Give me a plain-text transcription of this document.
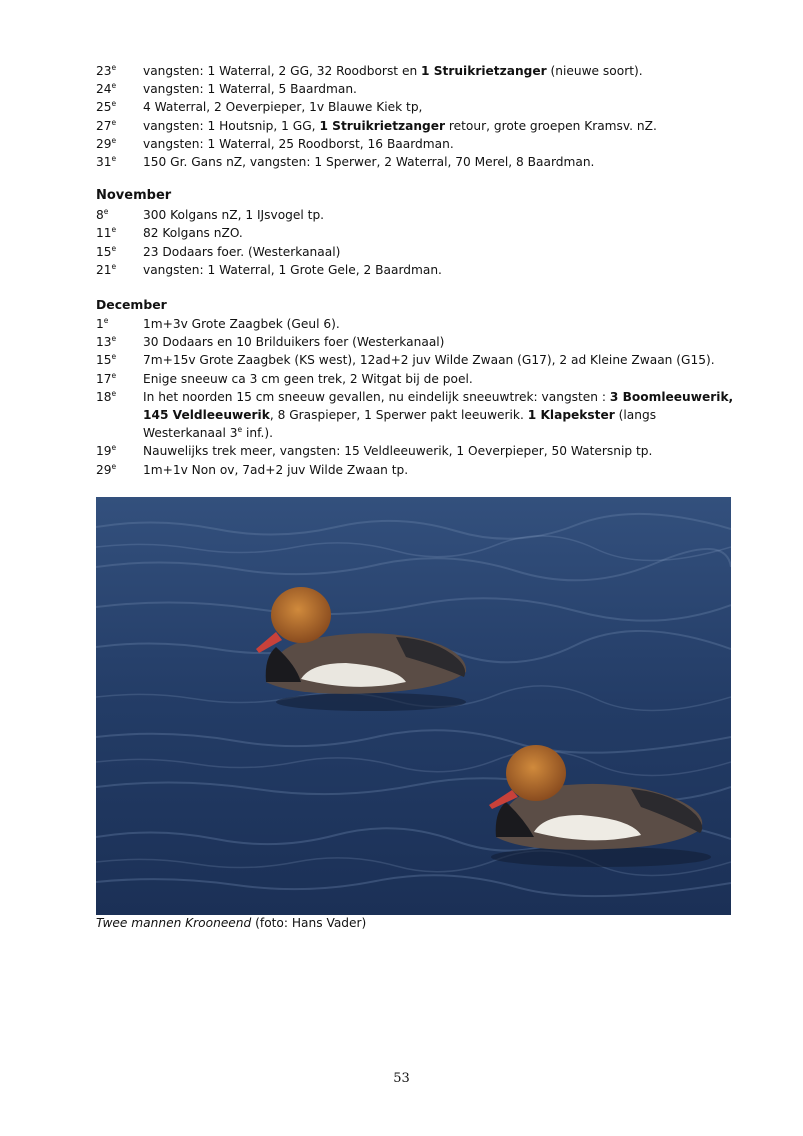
23e	vangsten: 1 Waterral, 2 GG, 32 Roodborst en 1 Struikrietzanger (nieuwe soort).
24e	vangsten: 1 Waterral, 5 Baardman.
25e	4 Waterral, 2 Oeverpieper, 1v Blauwe Kiek tp,
27e	vangsten: 1 Houtsnip, 1 GG, 1 Struikrietzanger retour, grote groepen Kramsv. nZ.
29e	vangsten: 1 Waterral, 25 Roodborst, 16 Baardman.
31e	150 Gr. Gans nZ, vangsten: 1 Sperwer, 2 Waterral, 70 Merel, 8 Baardman.
November
8e	300 Kolgans nZ, 1 IJsvogel tp.
11e	82 Kolgans nZO.
15e	23 Dodaars foer. (Westerkanaal)
21e	vangsten: 1 Waterral, 1 Grote Gele, 2 Baardman.
December
1e	1m+3v Grote Zaagbek (Geul 6).
13e	30 Dodaars en 10 Brilduikers foer (Westerkanaal)
15e	7m+15v Grote Zaagbek (KS west), 12ad+2 juv Wilde Zwaan (G17), 2 ad Kleine Zwaan (G15).
17e	Enige sneeuw ca 3 cm geen trek, 2 Witgat bij de poel.
18e	In het noorden 15 cm sneeuw gevallen, nu eindelijk sneeuwtrek: vangsten : 3 Boomleeuwerik, 145 Veldleeuwerik, 8 Graspieper, 1 Sperwer pakt leeuwerik. 1 Klapekster (langs Westerkanaal 3e inf.).
19e	Nauwelijks trek meer, vangsten: 15 Veldleeuwerik, 1 Oeverpieper, 50 Watersnip tp.
29e	1m+1v Non ov, 7ad+2 juv Wilde Zwaan tp.
Twee mannen Krooneend (foto: Hans Vader)
53
